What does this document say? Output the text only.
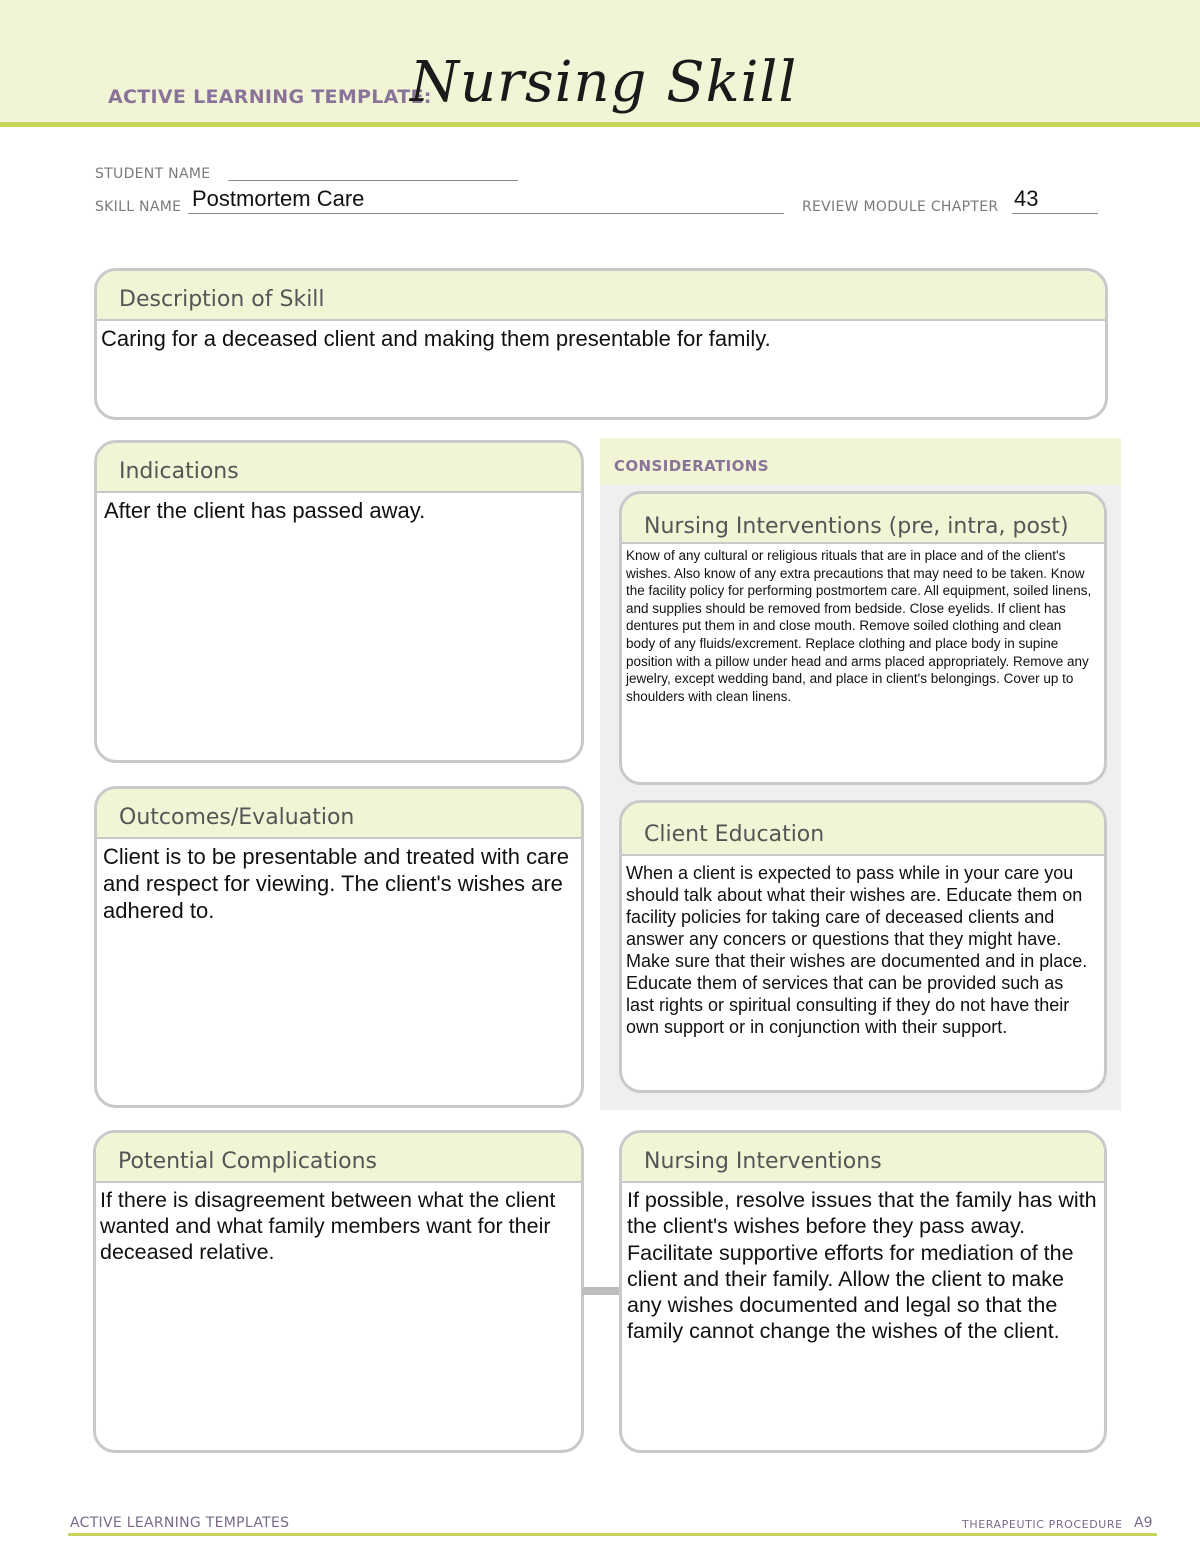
ACTIVE LEARNING TEMPLATE:
Nursing Skill
STUDENT NAME
SKILL NAME Postmortem Care	REVIEW MODULE CHAPTER 43
Description of Skill
Caring for a deceased client and making them presentable for family.
Indications
After the client has passed away.
Outcomes/Evaluation
Client is to be presentable and treated with care and respect for viewing. The client's wishes are adhered to.
CONSIDERATIONS
Nursing Interventions (pre, intra, post)
Know of any cultural or religious rituals that are in place and of the client's wishes. Also know of any extra precautions that may need to be taken. Know the facility policy for performing postmortem care. All equipment, soiled linens, and supplies should be removed from bedside. Close eyelids. If client has dentures put them in and close mouth. Remove soiled clothing and clean body of any fluids/excrement. Replace clothing and place body in supine position with a pillow under head and arms placed appropriately. Remove any jewelry, except wedding band, and place in client's belongings. Cover up to shoulders with clean linens.
Client Education
When a client is expected to pass while in your care you should talk about what their wishes are. Educate them on facility policies for taking care of deceased clients and answer any concers or questions that they might have. Make sure that their wishes are documented and in place. Educate them of services that can be provided such as last rights or spiritual consulting if they do not have their own support or in conjunction with their support.
Potential Complications
If there is disagreement between what the client wanted and what family members want for their deceased relative.
Nursing Interventions
If possible, resolve issues that the family has with the client's wishes before they pass away. Facilitate supportive efforts for mediation of the client and their family. Allow the client to make any wishes documented and legal so that the family cannot change the wishes of the client.
ACTIVE LEARNING TEMPLATES	THERAPEUTIC PROCEDURE A9
